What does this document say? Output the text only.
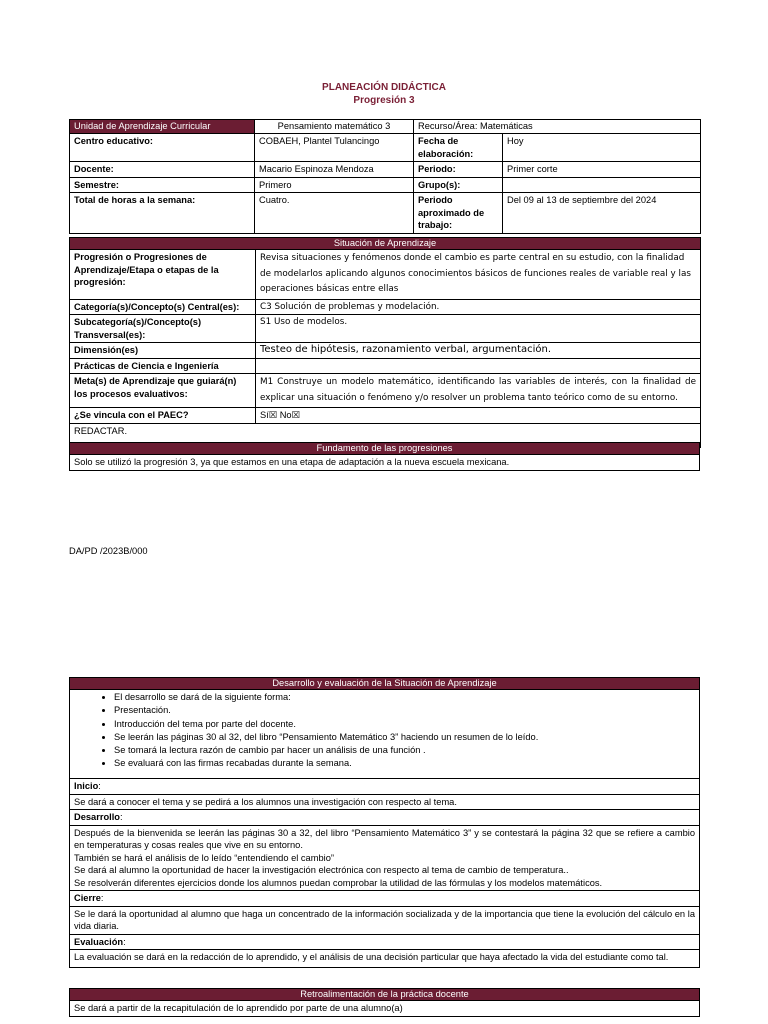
PLANEACIÓN DIDÁCTICA
Progresión 3
Unidad de Aprendizaje Curricular	Pensamiento matemático 3	Recurso/Área: Matemáticas	
Centro educativo:	COBAEH, Plantel Tulancingo	Fecha de elaboración:	Hoy
Docente:	Macario Espinoza Mendoza	Periodo:	Primer corte
Semestre:	Primero	Grupo(s):	
Total de horas a la semana:	Cuatro.	Periodo aproximado de trabajo:	Del 09 al 13 de septiembre del 2024
Situación de Aprendizaje	
Progresión o Progresiones de Aprendizaje/Etapa o etapas de la progresión:	Revisa situaciones y fenómenos donde el cambio es parte central en su estudio, con la finalidad de modelarlos aplicando algunos conocimientos básicos de funciones reales de variable real y las operaciones básicas entre ellas
Categoría(s)/Concepto(s) Central(es):	C3 Solución de problemas y modelación.
Subcategoría(s)/Concepto(s) Transversal(es):	S1 Uso de modelos.
Dimensión(es)	Testeo de hipótesis, razonamiento verbal, argumentación.
Prácticas de Ciencia e Ingeniería	
Meta(s) de Aprendizaje que guiará(n) los procesos evaluativos:	M1 Construye un modelo matemático, identificando las variables de interés, con la finalidad de explicar una situación o fenómeno y/o resolver un problema tanto teórico como de su entorno.
¿Se vincula con el PAEC?	Sí☒ No☒
REDACTAR.	
Fundamento de las progresiones
Solo se utilizó la progresión 3, ya que estamos en una etapa de adaptación a la nueva escuela mexicana.
DA/PD /2023B/000
Desarrollo y evaluación de la Situación de Aprendizaje

• El desarrollo se dará de la siguiente forma:
• Presentación.
• Introducción del tema por parte del docente.
• Se leerán las páginas 30 al 32, del libro “Pensamiento Matemático 3” haciendo un resumen de lo leído.
• Se tomará la lectura razón de cambio par hacer un análisis de una función .
• Se evaluará con las firmas recabadas durante la semana.

Inicio:
Se dará a conocer el tema y se pedirá a los alumnos una investigación con respecto al tema.
Desarrollo:

Después de la bienvenida se leerán las páginas 30 a 32, del libro “Pensamiento Matemático 3” y se contestará la página 32 que se refiere a cambio en temperaturas y cosas reales que vive en su entorno.
También se hará el análisis de lo leído “entendiendo el cambio”
Se dará al alumno la oportunidad de hacer la investigación electrónica con respecto al tema de cambio de temperatura..
Se resolverán diferentes ejercicios donde los alumnos puedan comprobar la utilidad de las fórmulas y los modelos matemáticos.

Cierre:
Se le dará la oportunidad al alumno que haga un concentrado de la información socializada y de la importancia que tiene la evolución del cálculo en la vida diaria.
Evaluación:
La evaluación se dará en la redacción de lo aprendido, y el análisis de una decisión particular que haya afectado la vida del estudiante como tal.
Retroalimentación de la práctica docente
Se dará a partir de la recapitulación de lo aprendido por parte de una alumno(a)
